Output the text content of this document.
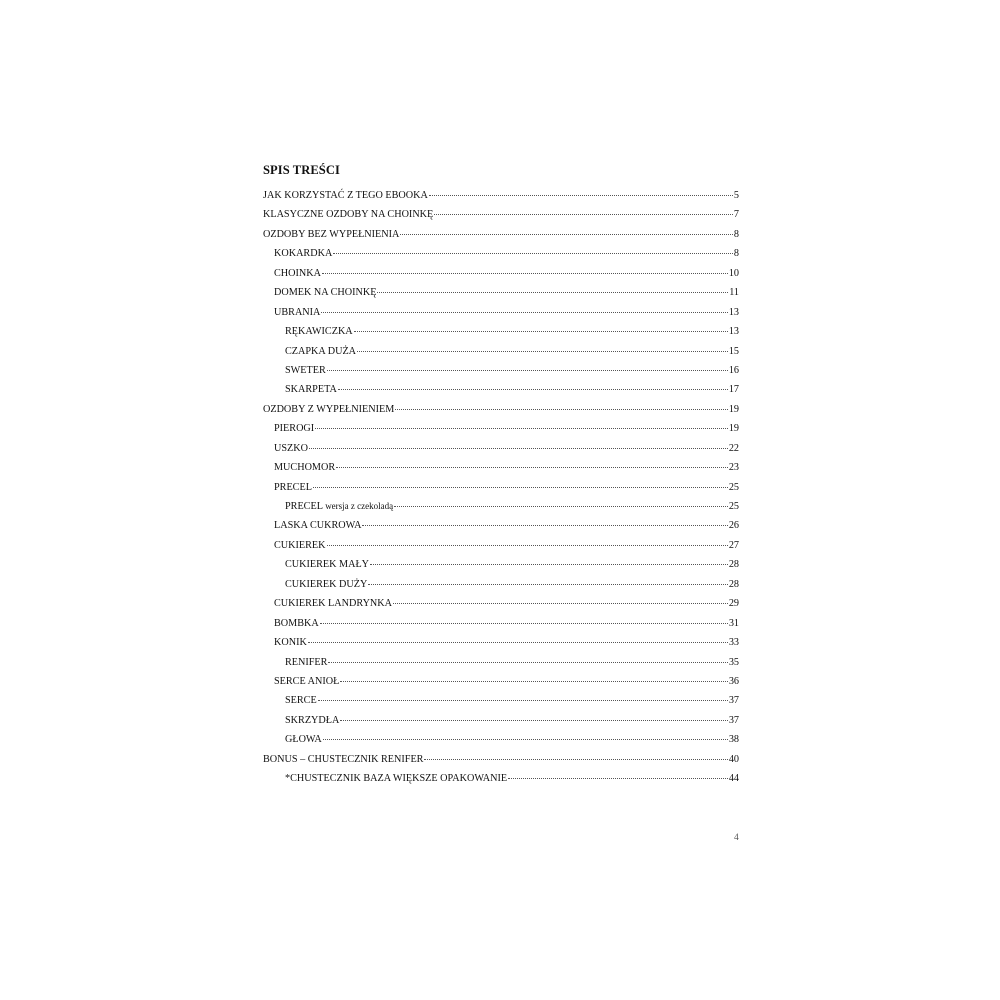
SPIS TREŚCI
JAK KORZYSTAĆ Z TEGO EBOOKA	5
KLASYCZNE OZDOBY NA CHOINKĘ	7
OZDOBY BEZ WYPEŁNIENIA	8
KOKARDKA	8
CHOINKA	10
DOMEK NA CHOINKĘ	11
UBRANIA	13
RĘKAWICZKA	13
CZAPKA DUŻA	15
SWETER	16
SKARPETA	17
OZDOBY Z WYPEŁNIENIEM	19
PIEROGI	19
USZKO	22
MUCHOMOR	23
PRECEL	25
PRECEL wersja z czekoladą	25
LASKA CUKROWA	26
CUKIEREK	27
CUKIEREK MAŁY	28
CUKIEREK DUŻY	28
CUKIEREK LANDRYNKA	29
BOMBKA	31
KONIK	33
RENIFER	35
SERCE ANIOŁ	36
SERCE	37
SKRZYDŁA	37
GŁOWA	38
BONUS – CHUSTECZNIK RENIFER	40
*CHUSTECZNIK BAZA WIĘKSZE OPAKOWANIE	44
4
